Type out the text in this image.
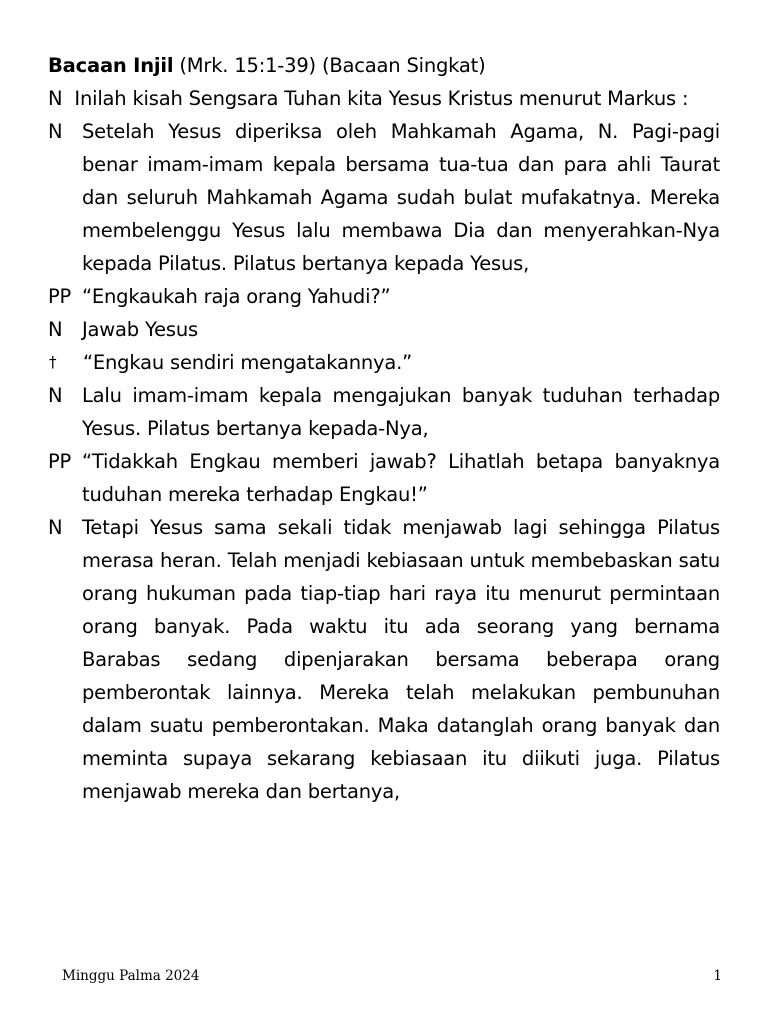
Bacaan Injil (Mrk. 15:1-39) (Bacaan Singkat)
N Inilah kisah Sengsara Tuhan kita Yesus Kristus menurut Markus :
N	Setelah Yesus diperiksa oleh Mahkamah Agama, N. Pagi-pagi benar imam-imam kepala bersama tua-tua dan para ahli Taurat dan seluruh Mahkamah Agama sudah bulat mufakatnya. Mereka membelenggu Yesus lalu membawa Dia dan menyerahkan-Nya kepada Pilatus. Pilatus bertanya kepada Yesus,
PP “Engkaukah raja orang Yahudi?”
N	Jawab Yesus
†	“Engkau sendiri mengatakannya.”
N	Lalu imam-imam kepala mengajukan banyak tuduhan terhadap Yesus. Pilatus bertanya kepada-Nya,
PP “Tidakkah Engkau memberi jawab? Lihatlah betapa banyaknya tuduhan mereka terhadap Engkau!”
N	Tetapi Yesus sama sekali tidak menjawab lagi sehingga Pilatus merasa heran. Telah menjadi kebiasaan untuk membebaskan satu orang hukuman pada tiap-tiap hari raya itu menurut permintaan orang banyak. Pada waktu itu ada seorang yang bernama Barabas sedang dipenjarakan bersama beberapa orang pemberontak lainnya. Mereka telah melakukan pembunuhan dalam suatu pemberontakan. Maka datanglah orang banyak dan meminta supaya sekarang kebiasaan itu diikuti juga. Pilatus menjawab mereka dan bertanya,
Minggu Palma 2024	1
